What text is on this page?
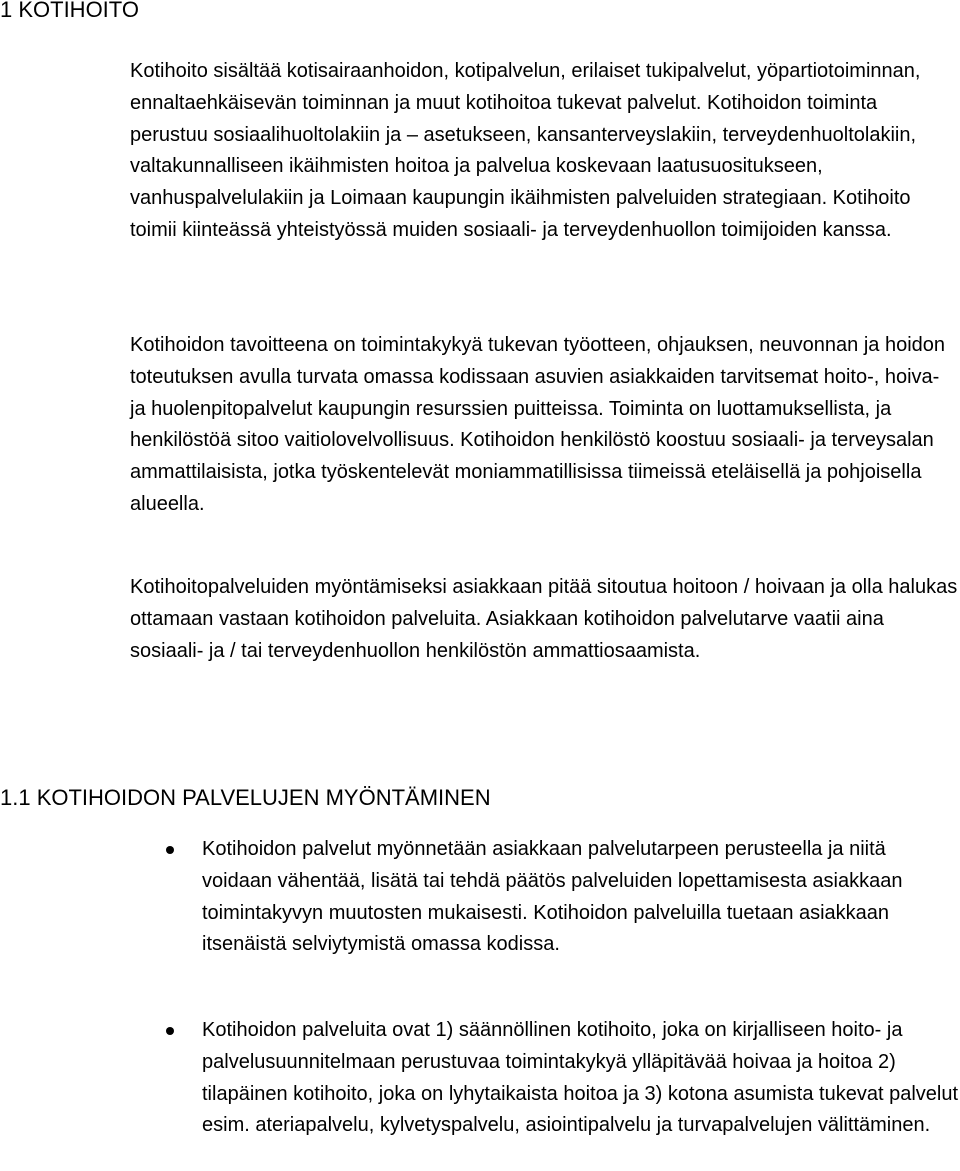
1 KOTIHOITO

Kotihoito sisältää kotisairaanhoidon, kotipalvelun, erilaiset tukipalvelut, yöpartiotoiminnan, ennaltaehkäisevän toiminnan ja muut kotihoitoa tukevat palvelut. Kotihoidon toiminta perustuu sosiaalihuoltolakiin ja – asetukseen, kansanterveyslakiin, terveydenhuoltolakiin, valtakunnalliseen ikäihmisten hoitoa ja palvelua koskevaan laatusuositukseen, vanhuspalvelulakiin ja Loimaan kaupungin ikäihmisten palveluiden strategiaan. Kotihoito toimii kiinteässä yhteistyössä muiden sosiaali- ja terveydenhuollon toimijoiden kanssa.

Kotihoidon tavoitteena on toimintakykyä tukevan työotteen, ohjauksen, neuvonnan ja hoidon toteutuksen avulla turvata omassa kodissaan asuvien asiakkaiden tarvitsemat hoito-, hoiva- ja huolenpitopalvelut kaupungin resurssien puitteissa. Toiminta on luottamuksellista, ja henkilöstöä sitoo vaitiolovelvollisuus. Kotihoidon henkilöstö koostuu sosiaali- ja terveysalan ammattilaisista, jotka työskentelevät moniammatillisissa tiimeissä eteläisellä ja pohjoisella alueella.

Kotihoitopalveluiden myöntämiseksi asiakkaan pitää sitoutua hoitoon / hoivaan ja olla halukas ottamaan vastaan kotihoidon palveluita. Asiakkaan kotihoidon palvelutarve vaatii aina sosiaali- ja / tai terveydenhuollon henkilöstön ammattiosaamista.

1.1 KOTIHOIDON PALVELUJEN MYÖNTÄMINEN

Kotihoidon palvelut myönnetään asiakkaan palvelutarpeen perusteella ja niitä voidaan vähentää, lisätä tai tehdä päätös palveluiden lopettamisesta asiakkaan toimintakyvyn muutosten mukaisesti. Kotihoidon palveluilla tuetaan asiakkaan itsenäistä selviytymistä omassa kodissa.

Kotihoidon palveluita ovat 1) säännöllinen kotihoito, joka on kirjalliseen hoito- ja palvelusuunnitelmaan perustuvaa toimintakykyä ylläpitävää hoivaa ja hoitoa 2) tilapäinen kotihoito, joka on lyhytaikaista hoitoa ja 3) kotona asumista tukevat palvelut esim. ateriapalvelu, kylvetyspalvelu, asiointipalvelu ja turvapalvelujen välittäminen.
